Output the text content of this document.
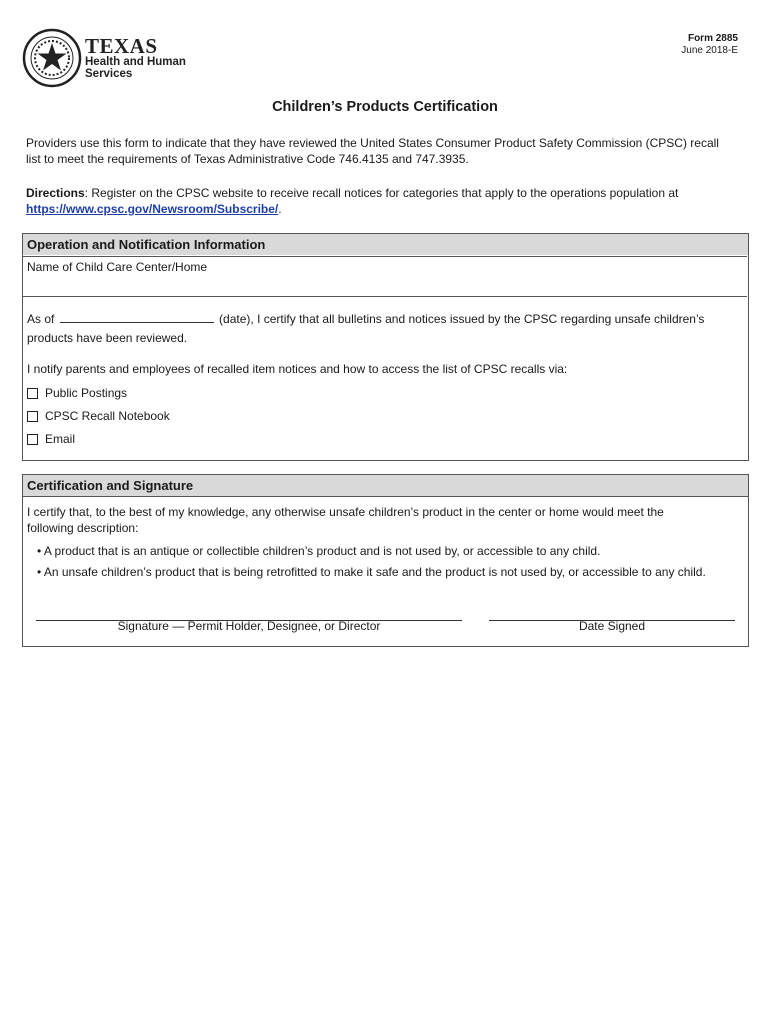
TEXAS
Health and Human
Services
Form 2885
June 2018-E
Children’s Products Certification
Providers use this form to indicate that they have reviewed the United States Consumer Product Safety Commission (CPSC) recall list to meet the requirements of Texas Administrative Code 746.4135 and 747.3935.
Directions: Register on the CPSC website to receive recall notices for categories that apply to the operations population at
https://www.cpsc.gov/Newsroom/Subscribe/.
Operation and Notification Information
Name of Child Care Center/Home
As of	(date), I certify that all bulletins and notices issued by the CPSC regarding unsafe children’s
products have been reviewed.
I notify parents and employees of recalled item notices and how to access the list of CPSC recalls via:
Public Postings
CPSC Recall Notebook
Email
Certification and Signature
I certify that, to the best of my knowledge, any otherwise unsafe children’s product in the center or home would meet the
following description:
• A product that is an antique or collectible children’s product and is not used by, or accessible to any child.
• An unsafe children’s product that is being retrofitted to make it safe and the product is not used by, or accessible to any child.
Signature — Permit Holder, Designee, or Director	Date Signed
